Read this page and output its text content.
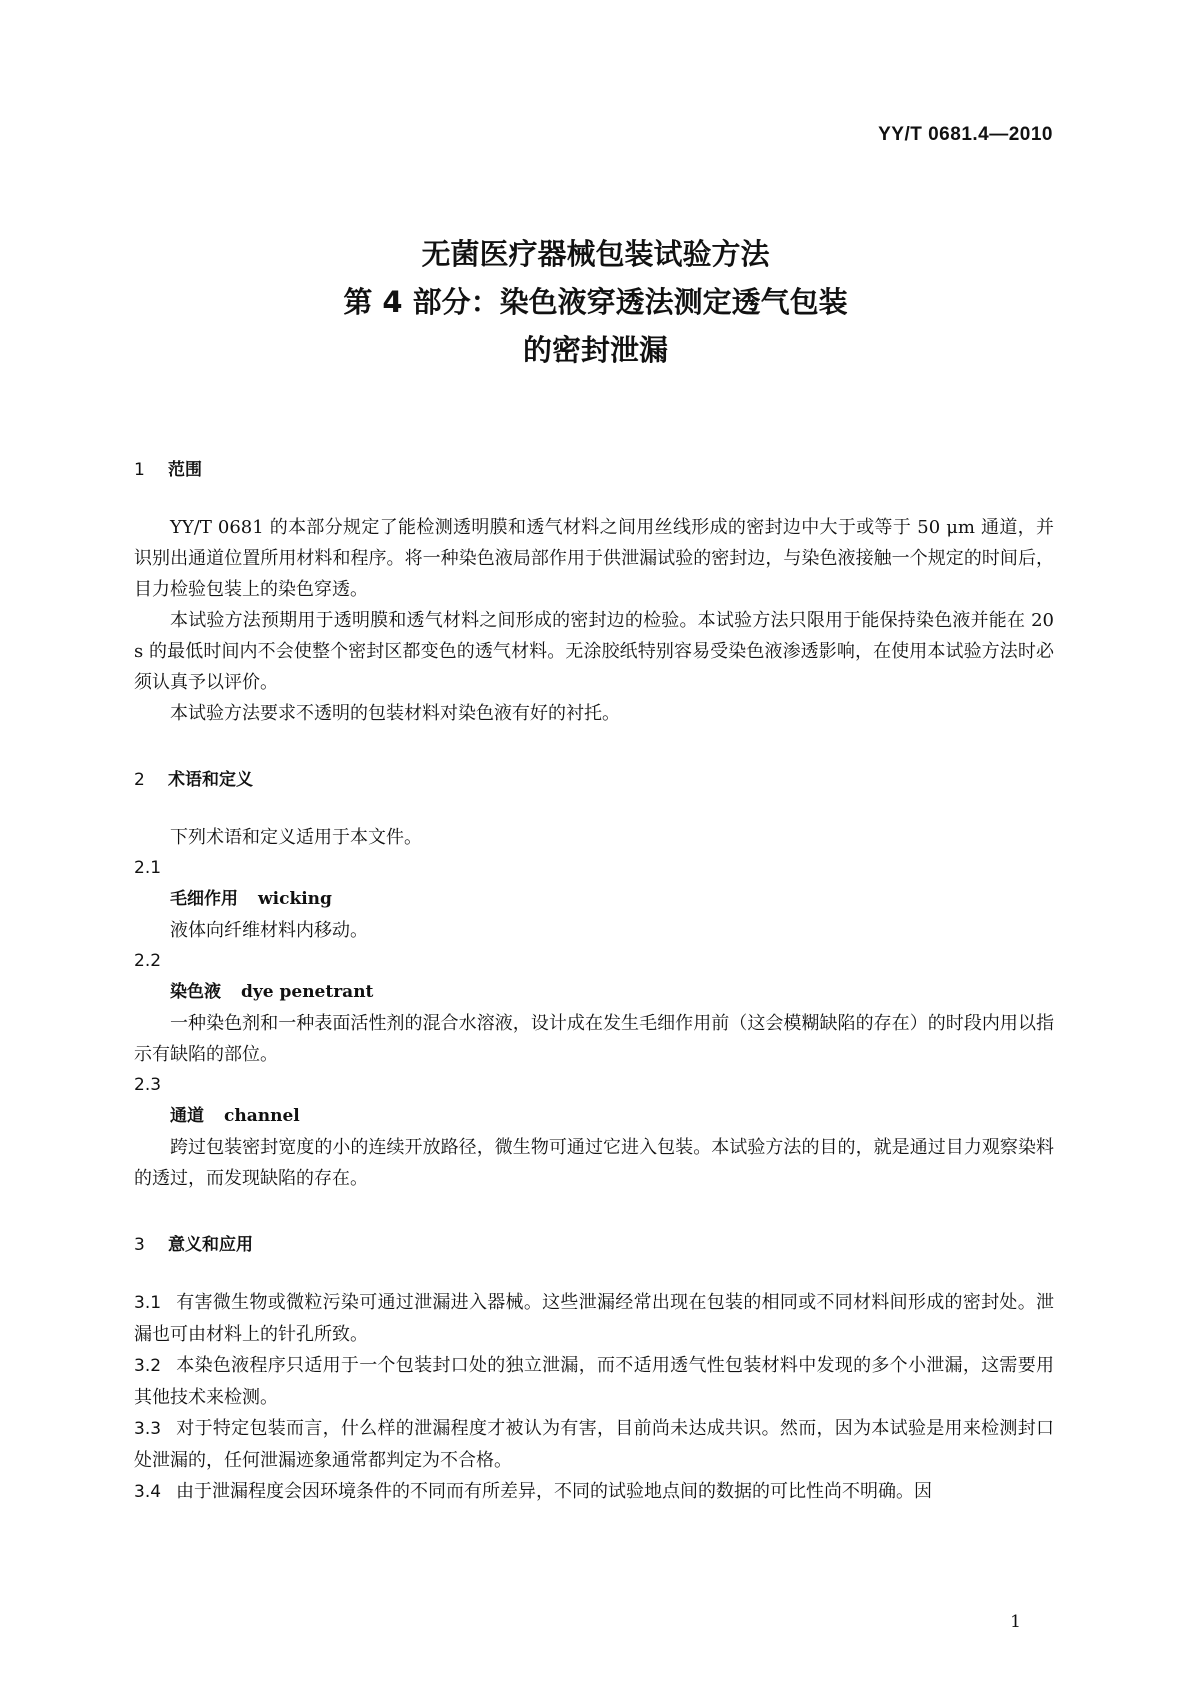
YY/T 0681.4—2010
无菌医疗器械包装试验方法
第 4 部分：染色液穿透法测定透气包装
的密封泄漏
1 范围

YY/T 0681 的本部分规定了能检测透明膜和透气材料之间用丝线形成的密封边中大于或等于 50 μm 通道，并识别出通道位置所用材料和程序。将一种染色液局部作用于供泄漏试验的密封边，与染色液接触一个规定的时间后，目力检验包装上的染色穿透。

本试验方法预期用于透明膜和透气材料之间形成的密封边的检验。本试验方法只限用于能保持染色液并能在 20 s 的最低时间内不会使整个密封区都变色的透气材料。无涂胶纸特别容易受染色液渗透影响，在使用本试验方法时必须认真予以评价。

本试验方法要求不透明的包装材料对染色液有好的衬托。

2 术语和定义

下列术语和定义适用于本文件。

2.1

毛细作用 wicking

液体向纤维材料内移动。

2.2

染色液 dye penetrant

一种染色剂和一种表面活性剂的混合水溶液，设计成在发生毛细作用前（这会模糊缺陷的存在）的时段内用以指示有缺陷的部位。

2.3

通道 channel

跨过包装密封宽度的小的连续开放路径，微生物可通过它进入包装。本试验方法的目的，就是通过目力观察染料的透过，而发现缺陷的存在。

3 意义和应用

3.1 有害微生物或微粒污染可通过泄漏进入器械。这些泄漏经常出现在包装的相同或不同材料间形成的密封处。泄漏也可由材料上的针孔所致。

3.2 本染色液程序只适用于一个包装封口处的独立泄漏，而不适用透气性包装材料中发现的多个小泄漏，这需要用其他技术来检测。

3.3 对于特定包装而言，什么样的泄漏程度才被认为有害，目前尚未达成共识。然而，因为本试验是用来检测封口处泄漏的，任何泄漏迹象通常都判定为不合格。

3.4 由于泄漏程度会因环境条件的不同而有所差异，不同的试验地点间的数据的可比性尚不明确。因

1
